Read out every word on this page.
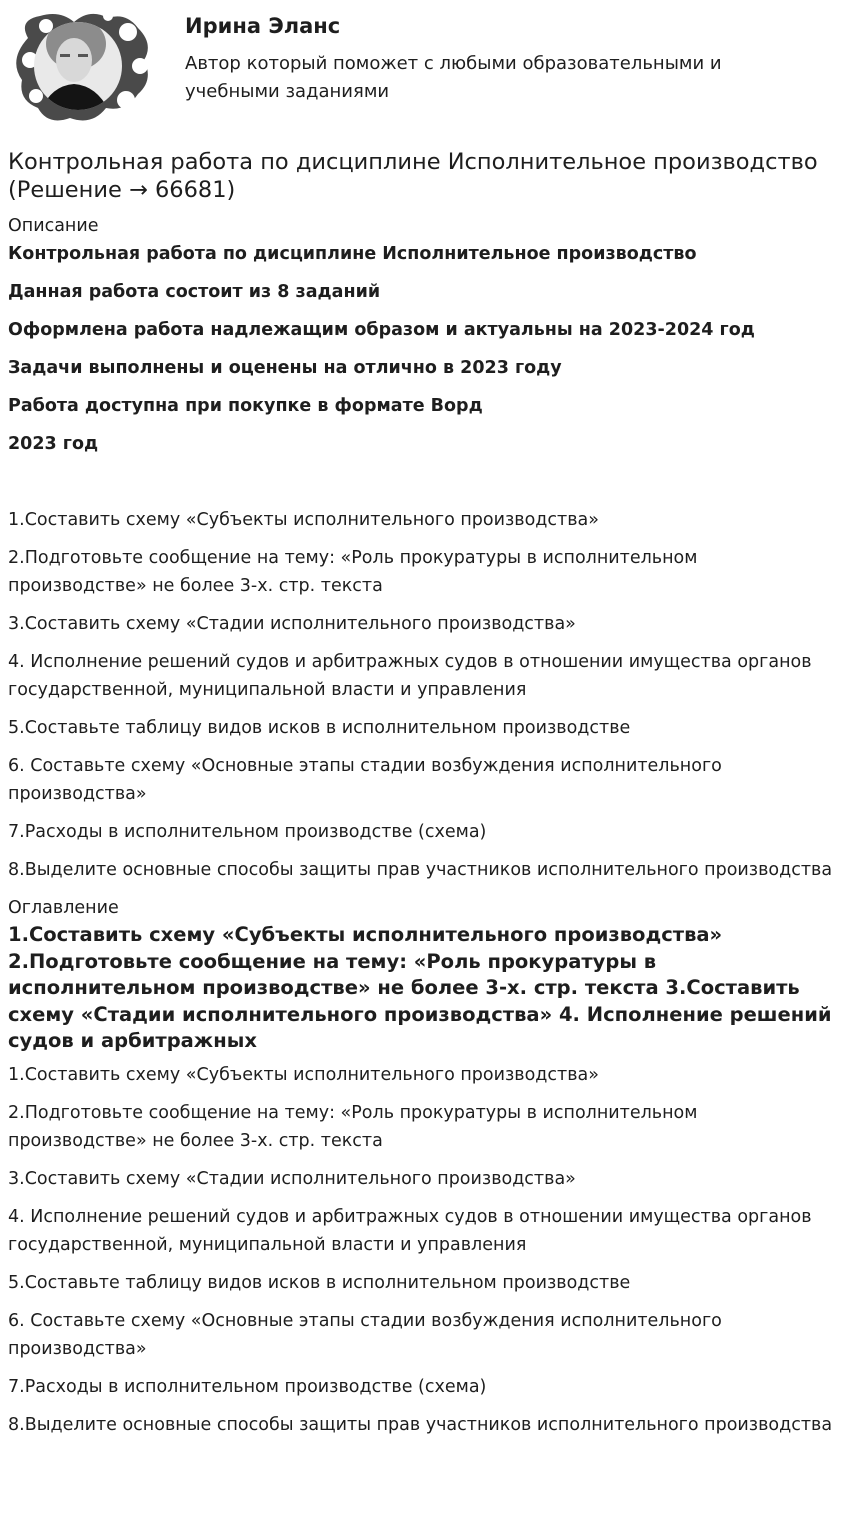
Ирина Эланс
Автор который поможет с любыми образовательными и учебными заданиями
Контрольная работа по дисциплине Исполнительное производство (Решение → 66681)
Описание
Контрольная работа по дисциплине Исполнительное производство
Данная работа состоит из 8 заданий
Оформлена работа надлежащим образом и актуальны на 2023-2024 год
Задачи выполнены и оценены на отлично в 2023 году
Работа доступна при покупке в формате Ворд
2023 год
1.Составить схему «Субъекты исполнительного производства»
2.Подготовьте сообщение на тему: «Роль прокуратуры в исполнительном производстве» не более 3-х. стр. текста
3.Составить схему «Стадии исполнительного производства»
4. Исполнение решений судов и арбитражных судов в отношении имущества органов государственной, муниципальной власти и управления
5.Составьте таблицу видов исков в исполнительном производстве
6. Составьте схему «Основные этапы стадии возбуждения исполнительного производства»
7.Расходы в исполнительном производстве (схема)
8.Выделите основные способы защиты прав участников исполнительного производства
Оглавление
1.Составить схему «Субъекты исполнительного производства» 2.Подготовьте сообщение на тему: «Роль прокуратуры в исполнительном производстве» не более 3-х. стр. текста 3.Составить схему «Стадии исполнительного производства» 4. Исполнение решений судов и арбитражных
1.Составить схему «Субъекты исполнительного производства»
2.Подготовьте сообщение на тему: «Роль прокуратуры в исполнительном производстве» не более 3-х. стр. текста
3.Составить схему «Стадии исполнительного производства»
4. Исполнение решений судов и арбитражных судов в отношении имущества органов государственной, муниципальной власти и управления
5.Составьте таблицу видов исков в исполнительном производстве
6. Составьте схему «Основные этапы стадии возбуждения исполнительного производства»
7.Расходы в исполнительном производстве (схема)
8.Выделите основные способы защиты прав участников исполнительного производства
